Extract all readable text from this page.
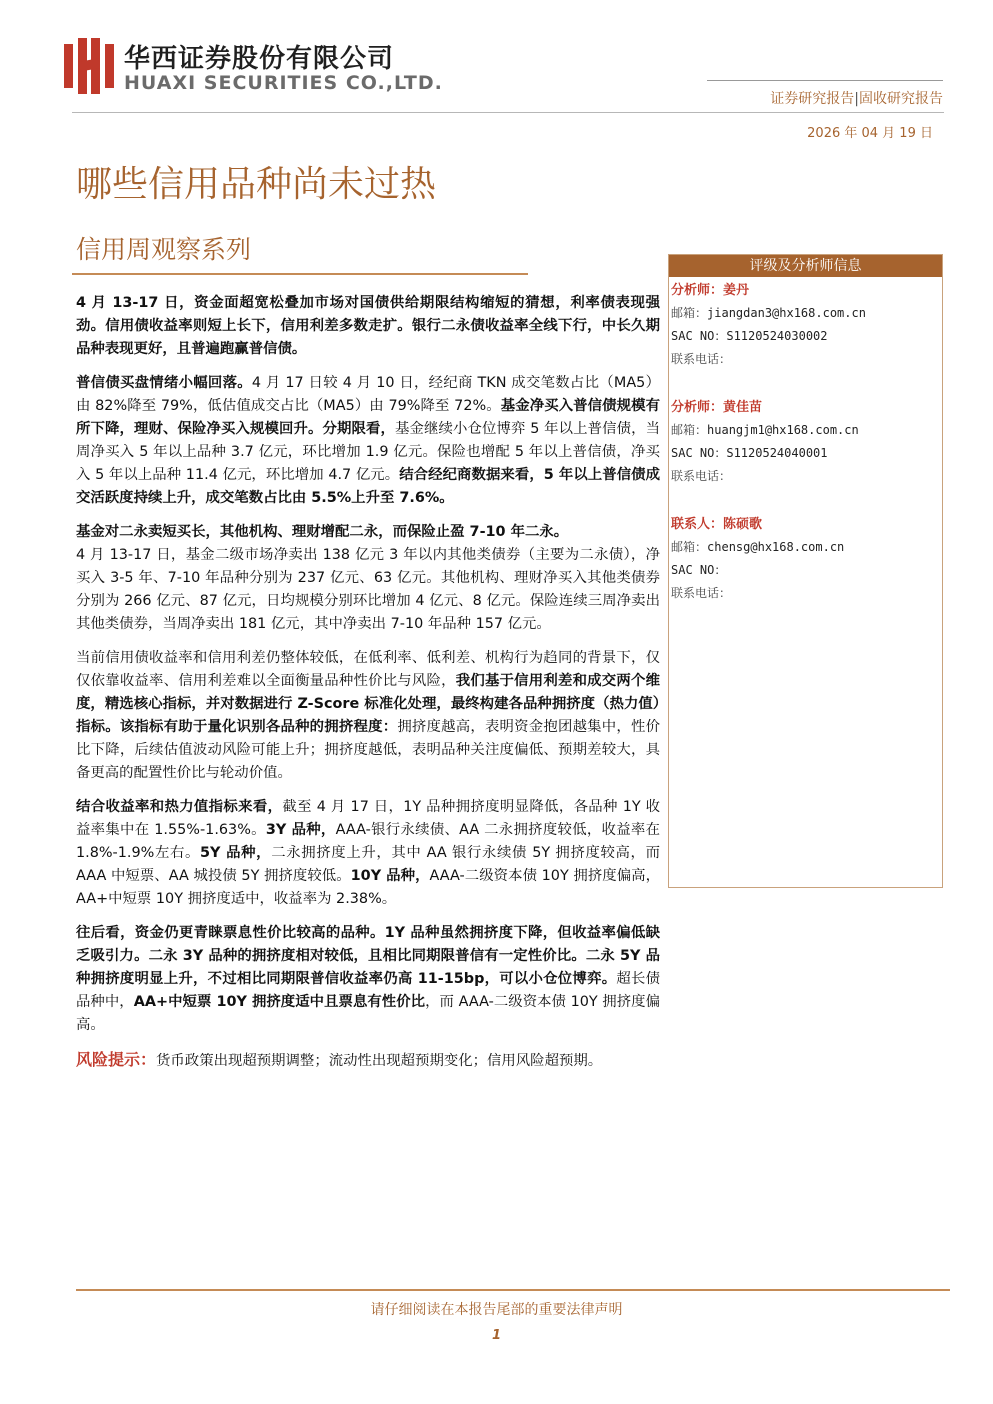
华西证券股份有限公司
HUAXI SECURITIES CO.,LTD.
证券研究报告|固收研究报告
2026 年 04 月 19 日
哪些信用品种尚未过热
信用周观察系列

4 月 13-17 日，资金面超宽松叠加市场对国债供给期限结构缩短的猜想，利率债表现强劲。信用债收益率则短上长下，信用利差多数走扩。银行二永债收益率全线下行，中长久期品种表现更好，且普遍跑赢普信债。

普信债买盘情绪小幅回落。4 月 17 日较 4 月 10 日，经纪商 TKN 成交笔数占比（MA5）由 82%降至 79%，低估值成交占比（MA5）由 79%降至 72%。基金净买入普信债规模有所下降，理财、保险净买入规模回升。分期限看，基金继续小仓位博弈 5 年以上普信债，当周净买入 5 年以上品种 3.7 亿元，环比增加 1.9 亿元。保险也增配 5 年以上普信债，净买入 5 年以上品种 11.4 亿元，环比增加 4.7 亿元。结合经纪商数据来看，5 年以上普信债成交活跃度持续上升，成交笔数占比由 5.5%上升至 7.6%。

基金对二永卖短买长，其他机构、理财增配二永，而保险止盈 7-10 年二永。
4 月 13-17 日，基金二级市场净卖出 138 亿元 3 年以内其他类债券（主要为二永债），净买入 3-5 年、7-10 年品种分别为 237 亿元、63 亿元。其他机构、理财净买入其他类债券分别为 266 亿元、87 亿元，日均规模分别环比增加 4 亿元、8 亿元。保险连续三周净卖出其他类债券，当周净卖出 181 亿元，其中净卖出 7-10 年品种 157 亿元。

当前信用债收益率和信用利差仍整体较低，在低利率、低利差、机构行为趋同的背景下，仅仅依靠收益率、信用利差难以全面衡量品种性价比与风险，我们基于信用利差和成交两个维度，精选核心指标，并对数据进行 Z-Score 标准化处理，最终构建各品种拥挤度（热力值）指标。该指标有助于量化识别各品种的拥挤程度：拥挤度越高，表明资金抱团越集中，性价比下降，后续估值波动风险可能上升；拥挤度越低，表明品种关注度偏低、预期差较大，具备更高的配置性价比与轮动价值。

结合收益率和热力值指标来看，截至 4 月 17 日，1Y 品种拥挤度明显降低，各品种 1Y 收益率集中在 1.55%-1.63%。3Y 品种，AAA-银行永续债、AA 二永拥挤度较低，收益率在 1.8%-1.9%左右。5Y 品种，二永拥挤度上升，其中 AA 银行永续债 5Y 拥挤度较高，而 AAA 中短票、AA 城投债 5Y 拥挤度较低。10Y 品种，AAA-二级资本债 10Y 拥挤度偏高，AA+中短票 10Y 拥挤度适中，收益率为 2.38%。

往后看，资金仍更青睐票息性价比较高的品种。1Y 品种虽然拥挤度下降，但收益率偏低缺乏吸引力。二永 3Y 品种的拥挤度相对较低，且相比同期限普信有一定性价比。二永 5Y 品种拥挤度明显上升，不过相比同期限普信收益率仍高 11-15bp，可以小仓位博弈。超长债品种中，AA+中短票 10Y 拥挤度适中且票息有性价比，而 AAA-二级资本债 10Y 拥挤度偏高。

风险提示：货币政策出现超预期调整；流动性出现超预期变化；信用风险超预期。

评级及分析师信息
分析师：姜丹
邮箱：jiangdan3@hx168.com.cn
SAC NO：S1120524030002
联系电话：
分析师：黄佳苗
邮箱：huangjm1@hx168.com.cn
SAC NO：S1120524040001
联系电话：
联系人：陈硕歌
邮箱：chensg@hx168.com.cn
SAC NO：
联系电话：
请仔细阅读在本报告尾部的重要法律声明
1
